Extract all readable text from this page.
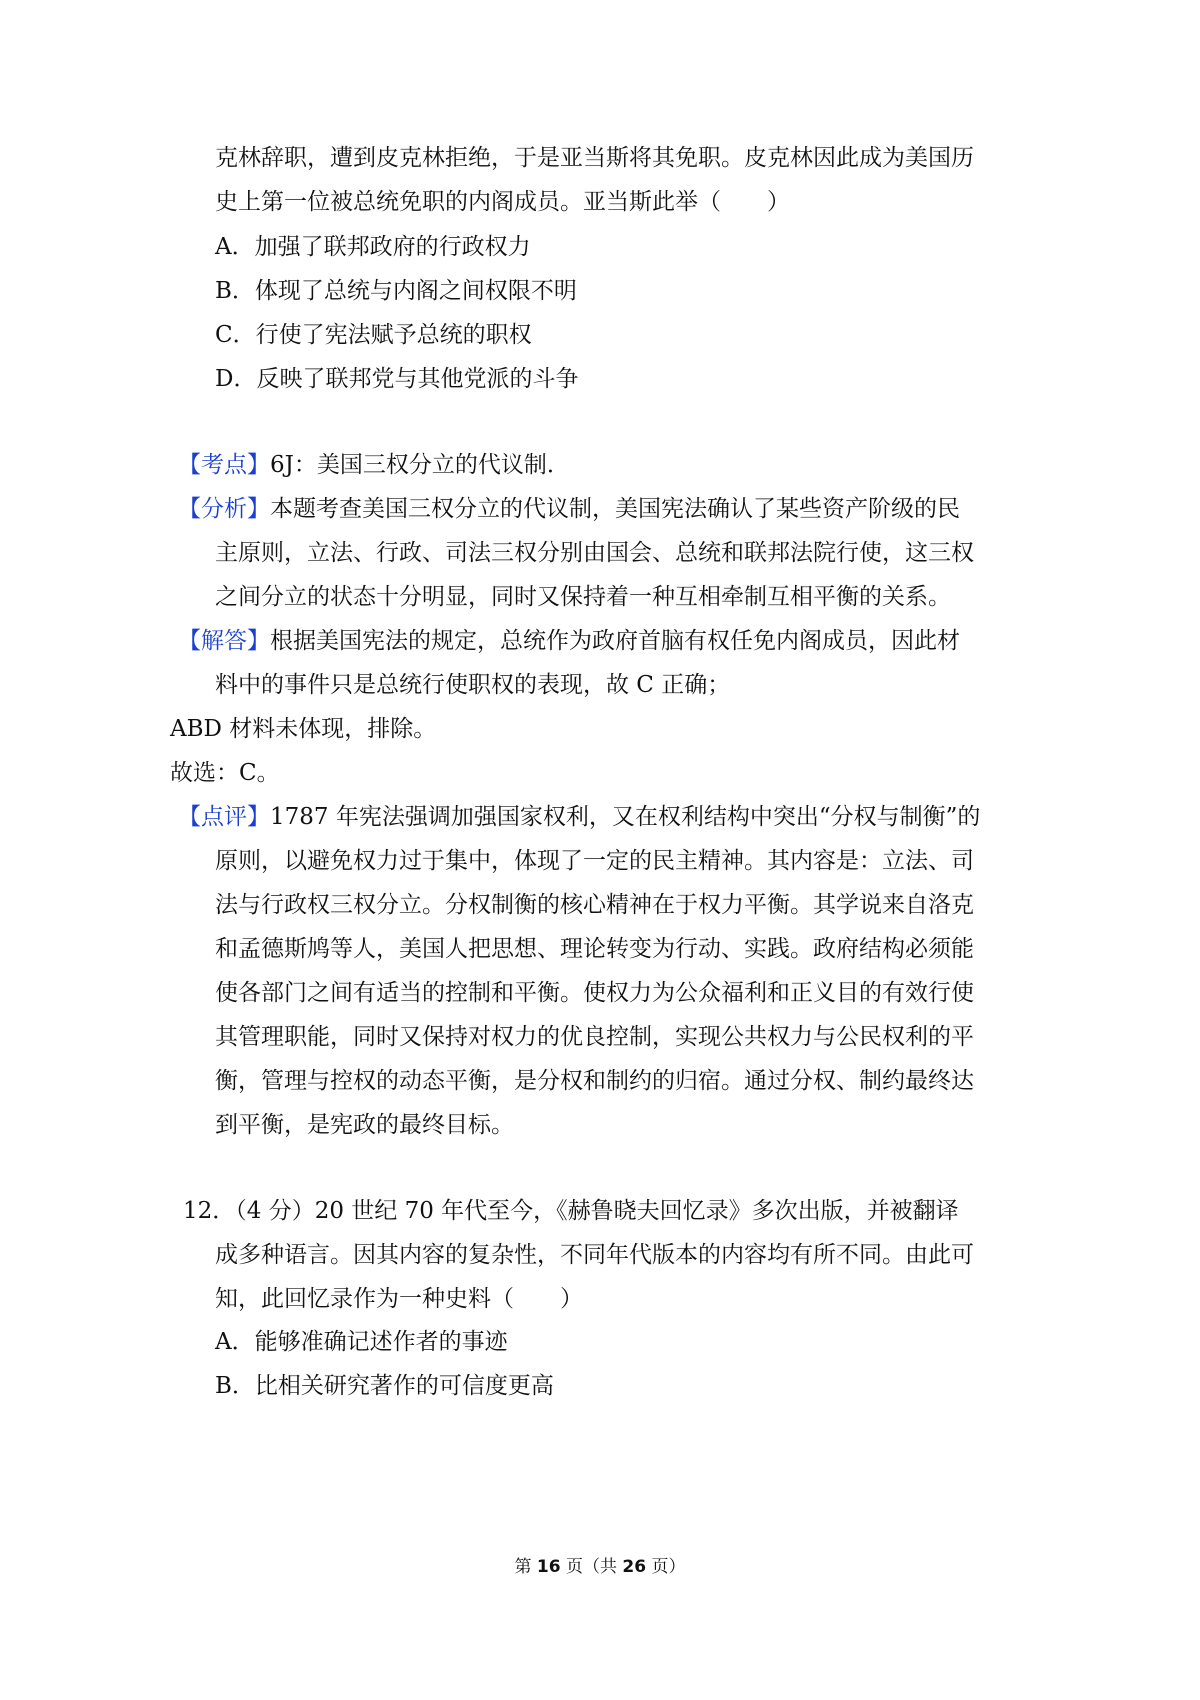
克林辞职，遭到皮克林拒绝，于是亚当斯将其免职。皮克林因此成为美国历
史上第一位被总统免职的内阁成员。亚当斯此举（　　）
A．加强了联邦政府的行政权力
B．体现了总统与内阁之间权限不明
C．行使了宪法赋予总统的职权
D．反映了联邦党与其他党派的斗争
【考点】6J：美国三权分立的代议制．
【分析】本题考查美国三权分立的代议制，美国宪法确认了某些资产阶级的民
主原则，立法、行政、司法三权分别由国会、总统和联邦法院行使，这三权
之间分立的状态十分明显，同时又保持着一种互相牵制互相平衡的关系。
【解答】根据美国宪法的规定，总统作为政府首脑有权任免内阁成员，因此材
料中的事件只是总统行使职权的表现，故 C 正确；
ABD 材料未体现，排除。
故选：C。
【点评】1787 年宪法强调加强国家权利，又在权利结构中突出“分权与制衡”的
原则，以避免权力过于集中，体现了一定的民主精神。其内容是：立法、司
法与行政权三权分立。分权制衡的核心精神在于权力平衡。其学说来自洛克
和孟德斯鸠等人，美国人把思想、理论转变为行动、实践。政府结构必须能
使各部门之间有适当的控制和平衡。使权力为公众福利和正义目的有效行使
其管理职能，同时又保持对权力的优良控制，实现公共权力与公民权利的平
衡，管理与控权的动态平衡，是分权和制约的归宿。通过分权、制约最终达
到平衡，是宪政的最终目标。
12．（4 分）20 世纪 70 年代至今，《赫鲁晓夫回忆录》多次出版，并被翻译
成多种语言。因其内容的复杂性，不同年代版本的内容均有所不同。由此可
知，此回忆录作为一种史料（　　）
A．能够准确记述作者的事迹
B．比相关研究著作的可信度更高
第 16 页（共 26 页）
